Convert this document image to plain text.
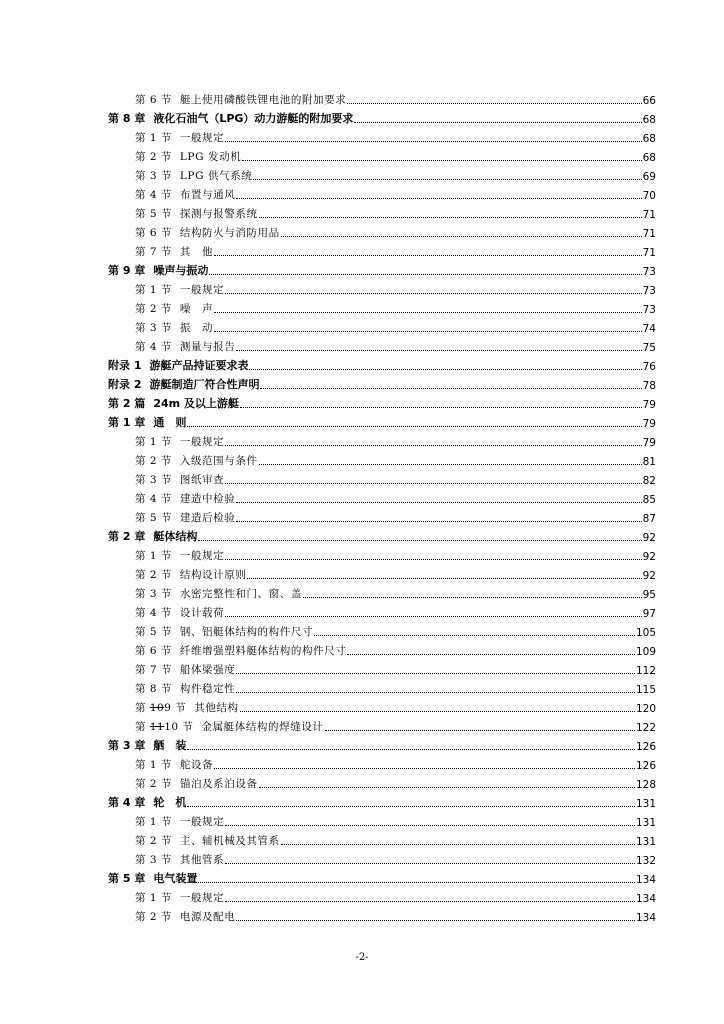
第 6 节 艇上使用磷酸铁锂电池的附加要求	66
第 8 章 液化石油气（LPG）动力游艇的附加要求	68
第 1 节 一般规定	68
第 2 节 LPG 发动机	68
第 3 节 LPG 供气系统	69
第 4 节 布置与通风	70
第 5 节 探测与报警系统	71
第 6 节 结构防火与消防用品	71
第 7 节 其　他	71
第 9 章 噪声与振动	73
第 1 节 一般规定	73
第 2 节 噪　声	73
第 3 节 振　动	74
第 4 节 测量与报告	75
附录 1 游艇产品持证要求表	76
附录 2 游艇制造厂符合性声明	78
第 2 篇 24m 及以上游艇	79
第 1 章 通　则	79
第 1 节 一般规定	79
第 2 节 入级范围与条件	81
第 3 节 图纸审查	82
第 4 节 建造中检验	85
第 5 节 建造后检验	87
第 2 章 艇体结构	92
第 1 节 一般规定	92
第 2 节 结构设计原则	92
第 3 节 水密完整性和门、窗、盖	95
第 4 节 设计载荷	97
第 5 节 钢、铝艇体结构的构件尺寸	105
第 6 节 纤维增强塑料艇体结构的构件尺寸	109
第 7 节 船体梁强度	112
第 8 节 构件稳定性	115
第 109 节 其他结构	120
第 1110 节 金属艇体结构的焊缝设计	122
第 3 章 舾　装	126
第 1 节 舵设备	126
第 2 节 锚泊及系泊设备	128
第 4 章 轮　机	131
第 1 节 一般规定	131
第 2 节 主、辅机械及其管系	131
第 3 节 其他管系	132
第 5 章 电气装置	134
第 1 节 一般规定	134
第 2 节 电源及配电	134
-2-
